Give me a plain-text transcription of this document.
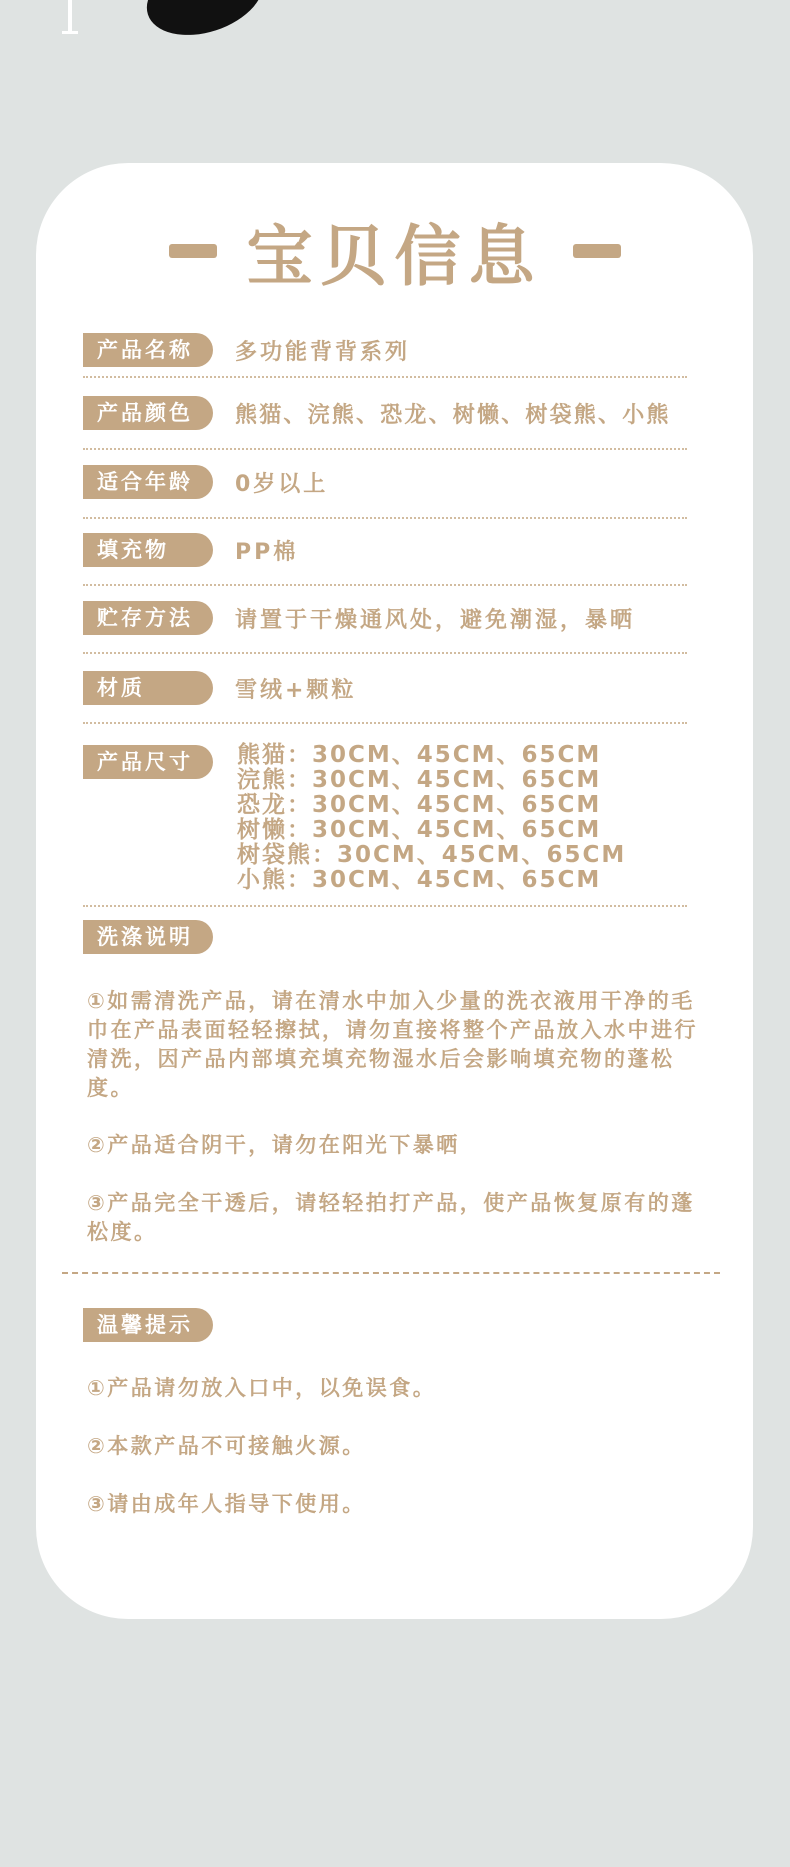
宝贝信息
产品名称	多功能背背系列
产品颜色	熊猫、浣熊、恐龙、树懒、树袋熊、小熊
适合年龄	0岁以上
填充物	PP棉
贮存方法	请置于干燥通风处，避免潮湿，暴晒
材质	雪绒+颗粒
产品尺寸	熊猫：30CM、45CM、65CM
浣熊：30CM、45CM、65CM
恐龙：30CM、45CM、65CM
树懒：30CM、45CM、65CM
树袋熊：30CM、45CM、65CM
小熊：30CM、45CM、65CM
洗涤说明
①如需清洗产品，请在清水中加入少量的洗衣液用干净的毛巾在产品表面轻轻擦拭，请勿直接将整个产品放入水中进行清洗，因产品内部填充填充物湿水后会影响填充物的蓬松度。
②产品适合阴干，请勿在阳光下暴晒
③产品完全干透后，请轻轻拍打产品，使产品恢复原有的蓬松度。
温馨提示
①产品请勿放入口中，以免误食。
②本款产品不可接触火源。
③请由成年人指导下使用。
